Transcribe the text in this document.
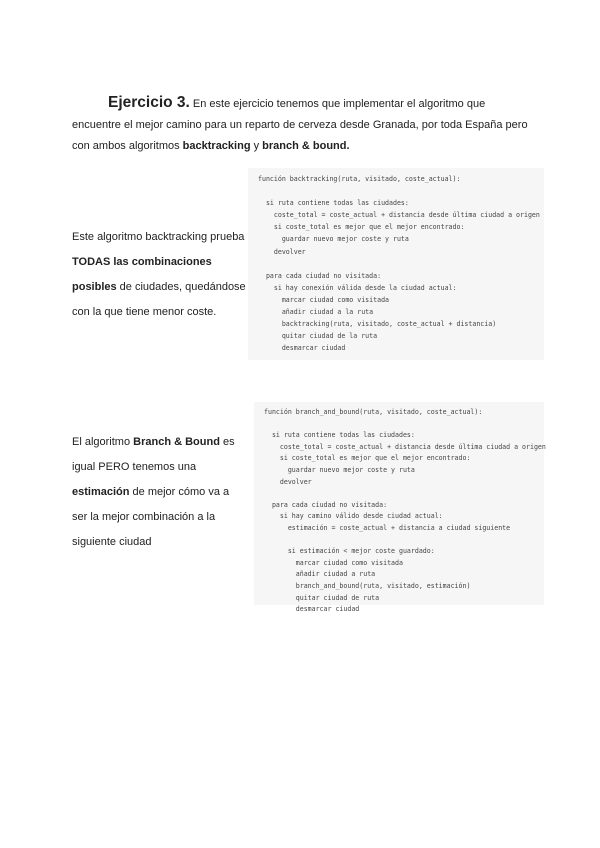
Ejercicio 3. En este ejercicio tenemos que implementar el algoritmo que encuentre el mejor camino para un reparto de cerveza desde Granada, por toda España pero con ambos algoritmos backtracking y branch & bound.
Este algoritmo backtracking prueba TODAS las combinaciones posibles de ciudades, quedándose con la que tiene menor coste.
función backtracking(ruta, visitado, coste_actual):
si ruta contiene todas las ciudades:
coste_total = coste_actual + distancia desde última ciudad a origen
si coste_total es mejor que el mejor encontrado:
guardar nuevo mejor coste y ruta
devolver
para cada ciudad no visitada:
si hay conexión válida desde la ciudad actual:
marcar ciudad como visitada
añadir ciudad a la ruta
backtracking(ruta, visitado, coste_actual + distancia)
quitar ciudad de la ruta
desmarcar ciudad
El algoritmo Branch & Bound es igual PERO tenemos una estimación de mejor cómo va a ser la mejor combinación a la siguiente ciudad
función branch_and_bound(ruta, visitado, coste_actual):
si ruta contiene todas las ciudades:
coste_total = coste_actual + distancia desde última ciudad a origen
si coste_total es mejor que el mejor encontrado:
guardar nuevo mejor coste y ruta
devolver
para cada ciudad no visitada:
si hay camino válido desde ciudad actual:
estimación = coste_actual + distancia a ciudad siguiente
si estimación < mejor coste guardado:
marcar ciudad como visitada
añadir ciudad a ruta
branch_and_bound(ruta, visitado, estimación)
quitar ciudad de ruta
desmarcar ciudad
